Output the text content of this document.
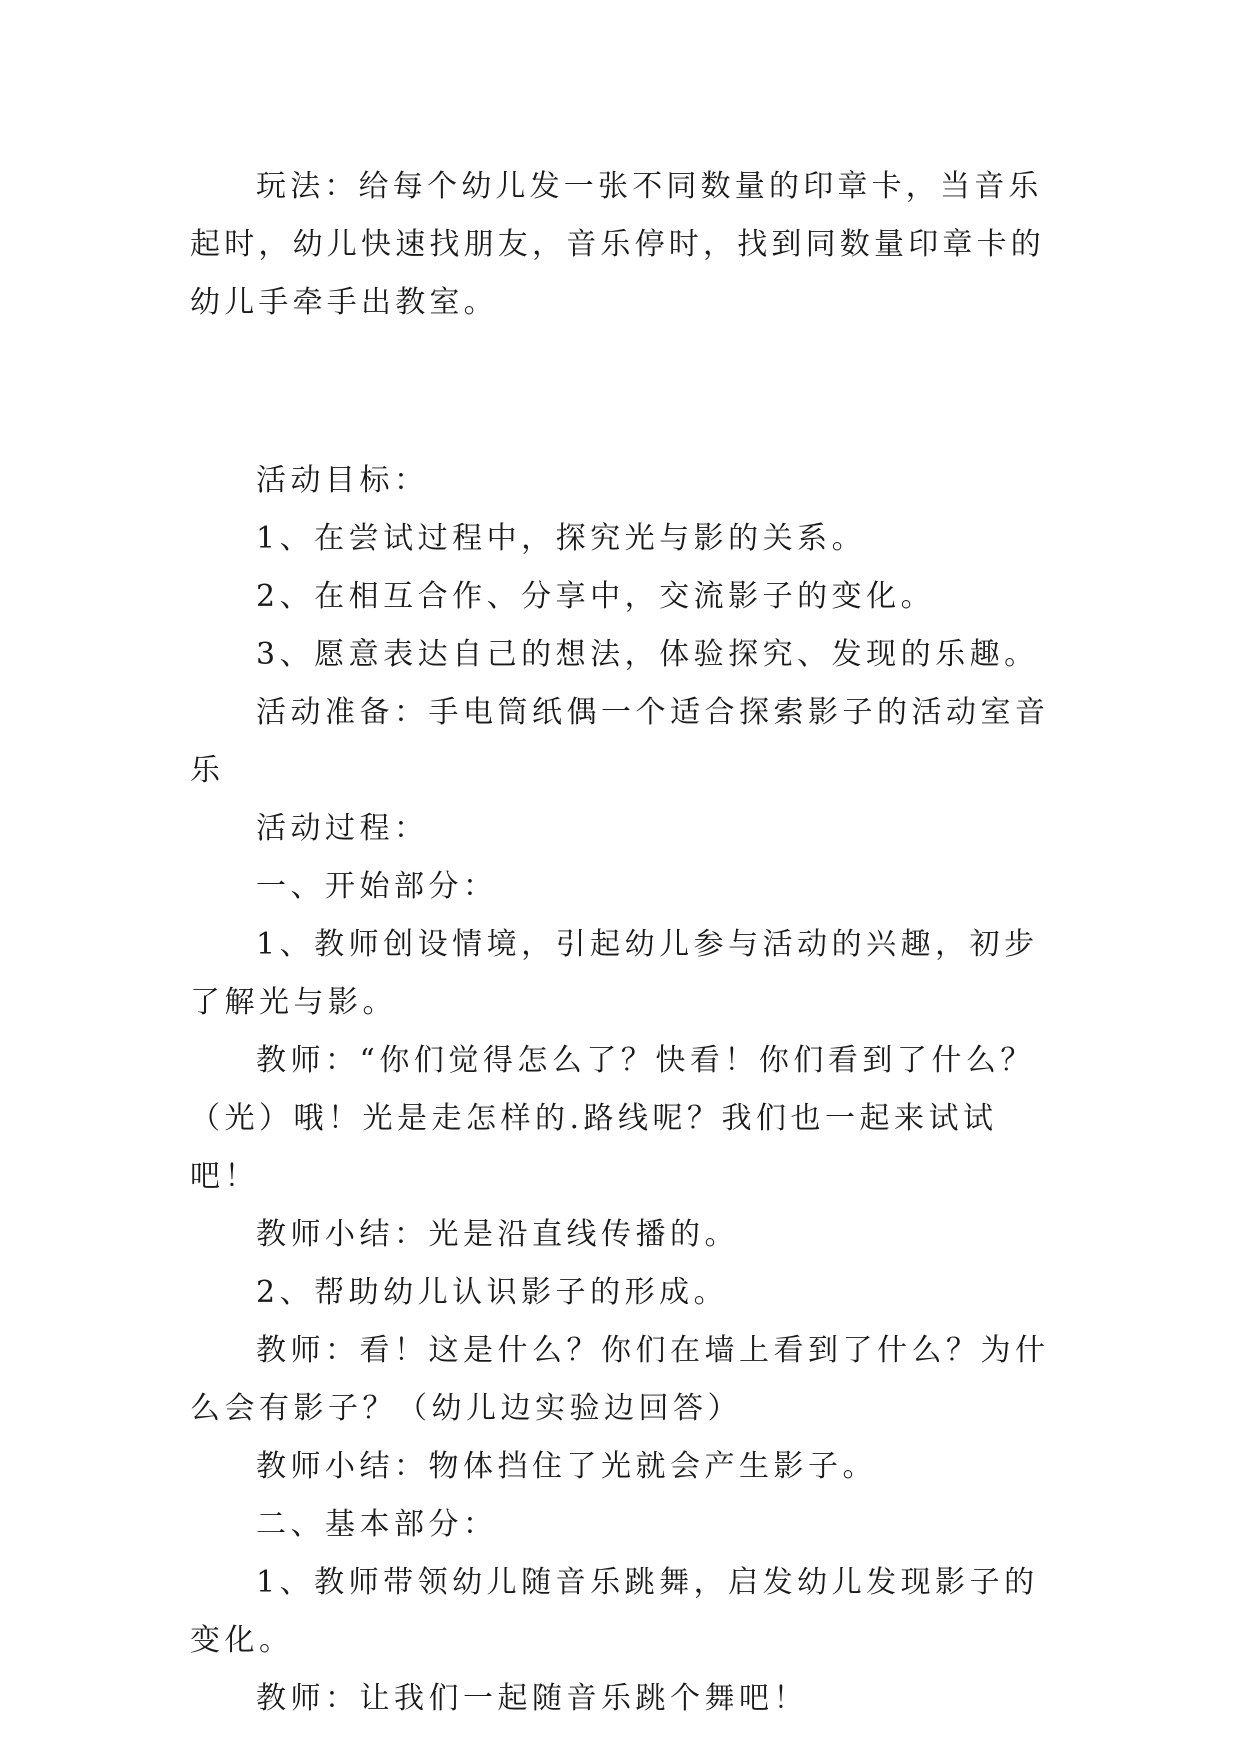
玩法：给每个幼儿发一张不同数量的印章卡，当音乐起时，幼儿快速找朋友，音乐停时，找到同数量印章卡的幼儿手牵手出教室。

活动目标：

1、在尝试过程中，探究光与影的关系。

2、在相互合作、分享中，交流影子的变化。

3、愿意表达自己的想法，体验探究、发现的乐趣。

活动准备：手电筒纸偶一个适合探索影子的活动室音乐

活动过程：

一、开始部分：

1、教师创设情境，引起幼儿参与活动的兴趣，初步了解光与影。

教师：“你们觉得怎么了？快看！你们看到了什么？（光）哦！光是走怎样的.路线呢？我们也一起来试试吧！

教师小结：光是沿直线传播的。

2、帮助幼儿认识影子的形成。

教师：看！这是什么？你们在墙上看到了什么？为什么会有影子？（幼儿边实验边回答）

教师小结：物体挡住了光就会产生影子。

二、基本部分：

1、教师带领幼儿随音乐跳舞，启发幼儿发现影子的变化。

教师：让我们一起随音乐跳个舞吧！
